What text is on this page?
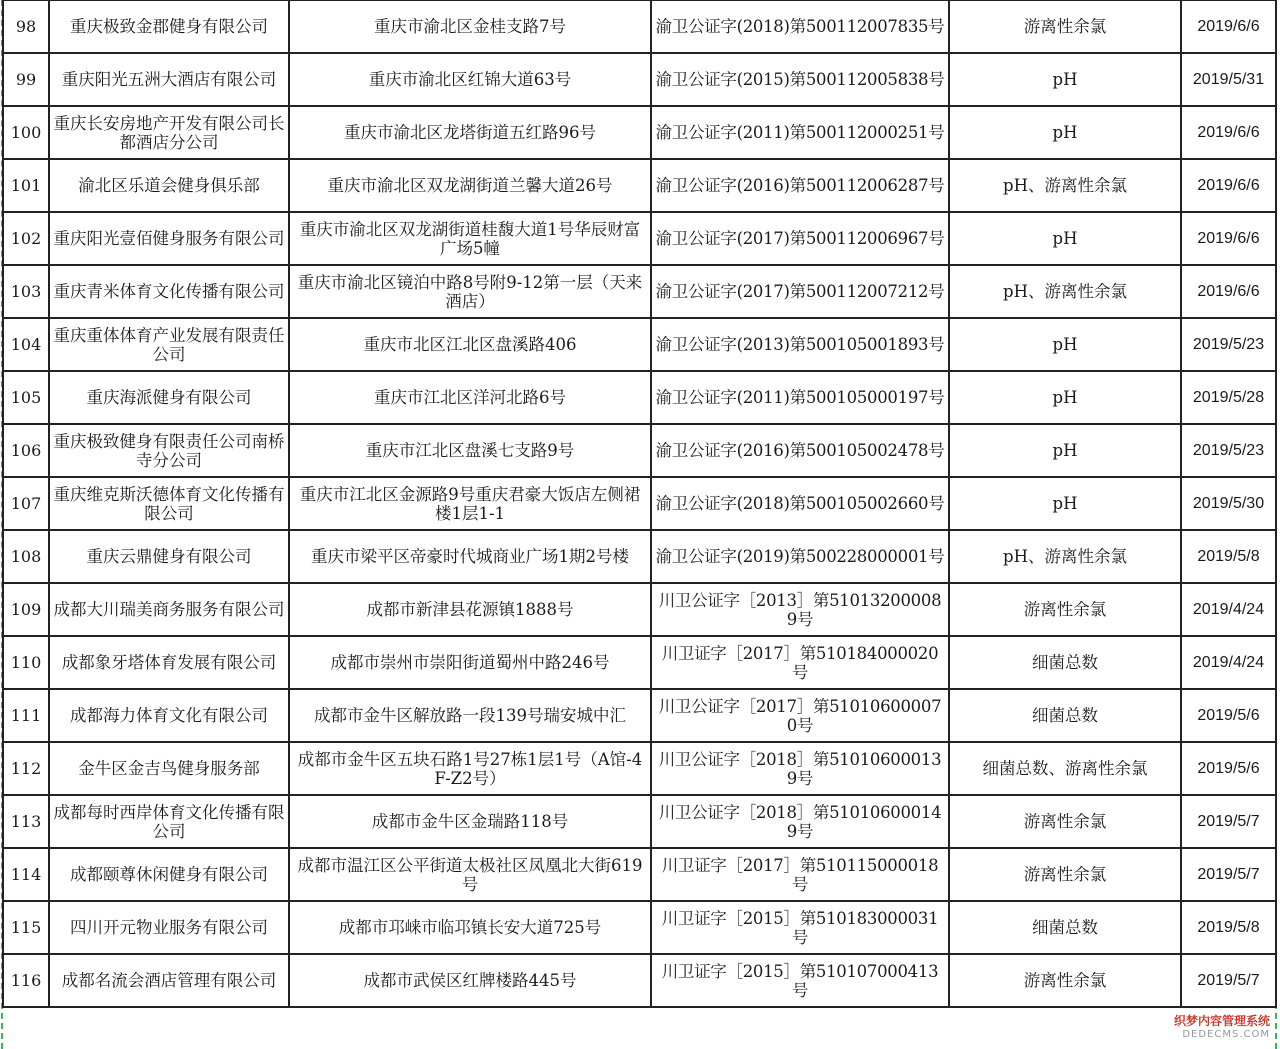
98	重庆极致金郡健身有限公司	重庆市渝北区金桂支路7号	渝卫公证字(2018)第500112007835号	游离性余氯	2019/6/6
99	重庆阳光五洲大酒店有限公司	重庆市渝北区红锦大道63号	渝卫公证字(2015)第500112005838号	pH	2019/5/31
100	重庆长安房地产开发有限公司长都酒店分公司	重庆市渝北区龙塔街道五红路96号	渝卫公证字(2011)第500112000251号	pH	2019/6/6
101	渝北区乐道会健身俱乐部	重庆市渝北区双龙湖街道兰馨大道26号	渝卫公证字(2016)第500112006287号	pH、游离性余氯	2019/6/6
102	重庆阳光壹佰健身服务有限公司	重庆市渝北区双龙湖街道桂馥大道1号华辰财富广场5幢	渝卫公证字(2017)第500112006967号	pH	2019/6/6
103	重庆青米体育文化传播有限公司	重庆市渝北区镜泊中路8号附9-12第一层（天来酒店）	渝卫公证字(2017)第500112007212号	pH、游离性余氯	2019/6/6
104	重庆重体体育产业发展有限责任公司	重庆市北区江北区盘溪路406	渝卫公证字(2013)第500105001893号	pH	2019/5/23
105	重庆海派健身有限公司	重庆市江北区洋河北路6号	渝卫公证字(2011)第500105000197号	pH	2019/5/28
106	重庆极致健身有限责任公司南桥寺分公司	重庆市江北区盘溪七支路9号	渝卫公证字(2016)第500105002478号	pH	2019/5/23
107	重庆维克斯沃德体育文化传播有限公司	重庆市江北区金源路9号重庆君豪大饭店左侧裙楼1层1-1	渝卫公证字(2018)第500105002660号	pH	2019/5/30
108	重庆云鼎健身有限公司	重庆市梁平区帝豪时代城商业广场1期2号楼	渝卫公证字(2019)第500228000001号	pH、游离性余氯	2019/5/8
109	成都大川瑞美商务服务有限公司	成都市新津县花源镇1888号	川卫公证字［2013］第510132000089号	游离性余氯	2019/4/24
110	成都象牙塔体育发展有限公司	成都市崇州市崇阳街道蜀州中路246号	川卫证字［2017］第510184000020号	细菌总数	2019/4/24
111	成都海力体育文化有限公司	成都市金牛区解放路一段139号瑞安城中汇	川卫公证字［2017］第510106000070号	细菌总数	2019/5/6
112	金牛区金吉鸟健身服务部	成都市金牛区五块石路1号27栋1层1号（A馆-4F-Z2号）	川卫公证字［2018］第510106000139号	细菌总数、游离性余氯	2019/5/6
113	成都每时西岸体育文化传播有限公司	成都市金牛区金瑞路118号	川卫公证字［2018］第510106000149号	游离性余氯	2019/5/7
114	成都颐尊休闲健身有限公司	成都市温江区公平街道太极社区凤凰北大街619号	川卫证字［2017］第510115000018号	游离性余氯	2019/5/7
115	四川开元物业服务有限公司	成都市邛崃市临邛镇长安大道725号	川卫证字［2015］第510183000031号	细菌总数	2019/5/8
116	成都名流会酒店管理有限公司	成都市武侯区红牌楼路445号	川卫证字［2015］第510107000413号	游离性余氯	2019/5/7
织梦内容管理系统
DEDECMS.COM
